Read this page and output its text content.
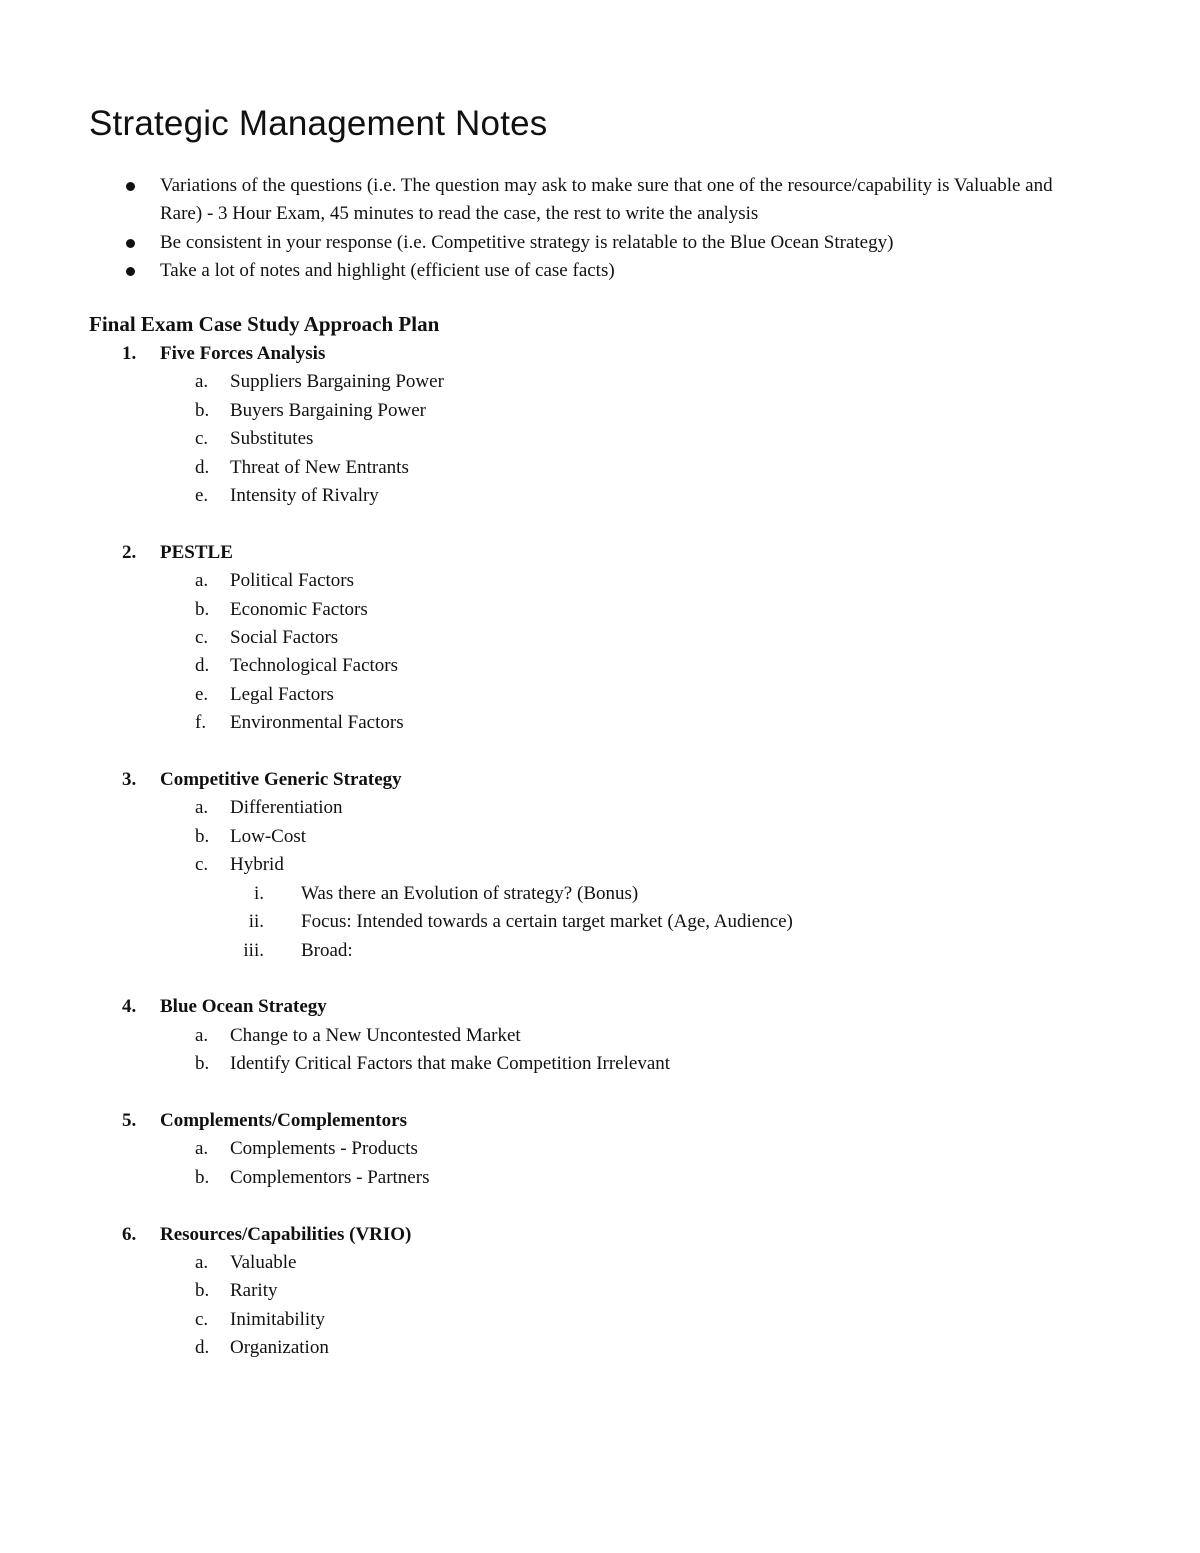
Strategic Management Notes
Variations of the questions (i.e. The question may ask to make sure that one of the resource/capability is Valuable and Rare) - 3 Hour Exam, 45 minutes to read the case, the rest to write the analysis
Be consistent in your response (i.e. Competitive strategy is relatable to the Blue Ocean Strategy)
Take a lot of notes and highlight (efficient use of case facts)
Final Exam Case Study Approach Plan
1. Five Forces Analysis
a.	Suppliers Bargaining Power
b.	Buyers Bargaining Power
c.	Substitutes
d.	Threat of New Entrants
e.	Intensity of Rivalry
2. PESTLE
a.	Political Factors
b.	Economic Factors
c.	Social Factors
d.	Technological Factors
e.	Legal Factors
f.	Environmental Factors
3. Competitive Generic Strategy
a.	Differentiation
b.	Low-Cost
c.	Hybrid
i. Was there an Evolution of strategy? (Bonus)
ii. Focus: Intended towards a certain target market (Age, Audience)
iii. Broad:
4. Blue Ocean Strategy
a.	Change to a New Uncontested Market
b.	Identify Critical Factors that make Competition Irrelevant
5. Complements/Complementors
a.	Complements - Products
b.	Complementors - Partners
6. Resources/Capabilities (VRIO)
a.	Valuable
b.	Rarity
c.	Inimitability
d.	Organization
